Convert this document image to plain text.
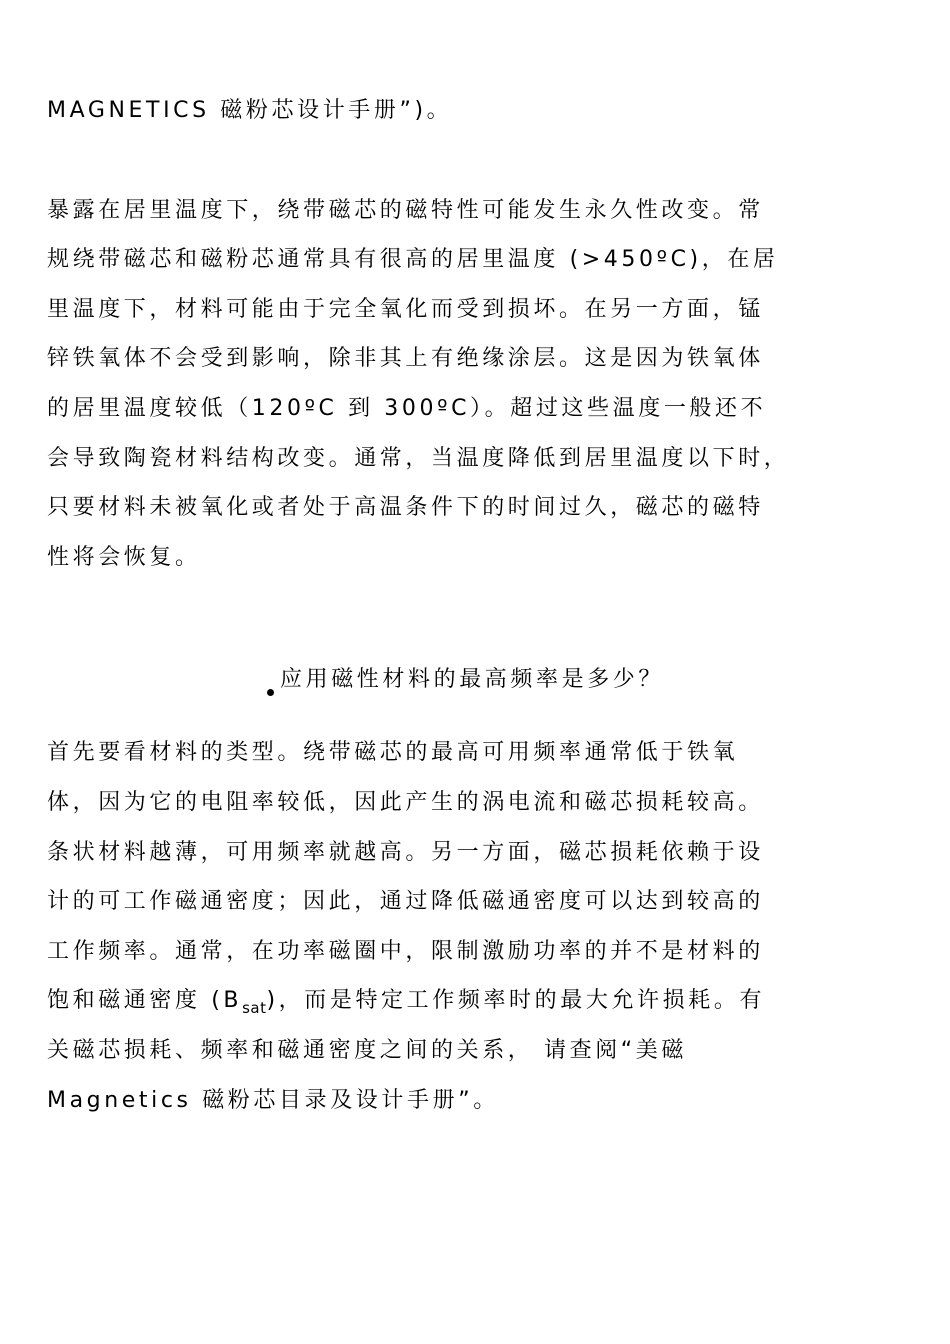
MAGNETICS 磁粉芯设计手册”)。
暴露在居里温度下，绕带磁芯的磁特性可能发生永久性改变。常
规绕带磁芯和磁粉芯通常具有很高的居里温度 (>450ºC)，在居
里温度下，材料可能由于完全氧化而受到损坏。在另一方面，锰
锌铁氧体不会受到影响，除非其上有绝缘涂层。这是因为铁氧体
的居里温度较低（120ºC 到 300ºC）。超过这些温度一般还不
会导致陶瓷材料结构改变。通常，当温度降低到居里温度以下时，
只要材料未被氧化或者处于高温条件下的时间过久，磁芯的磁特
性将会恢复。
应用磁性材料的最高频率是多少？
首先要看材料的类型。绕带磁芯的最高可用频率通常低于铁氧
体，因为它的电阻率较低，因此产生的涡电流和磁芯损耗较高。
条状材料越薄，可用频率就越高。另一方面，磁芯损耗依赖于设
计的可工作磁通密度；因此，通过降低磁通密度可以达到较高的
工作频率。通常，在功率磁圈中，限制激励功率的并不是材料的
饱和磁通密度 $(B_{sat})$，而是特定工作频率时的最大允许损耗。有
关磁芯损耗、频率和磁通密度之间的关系， 请查阅“美磁
Magnetics 磁粉芯目录及设计手册”。
